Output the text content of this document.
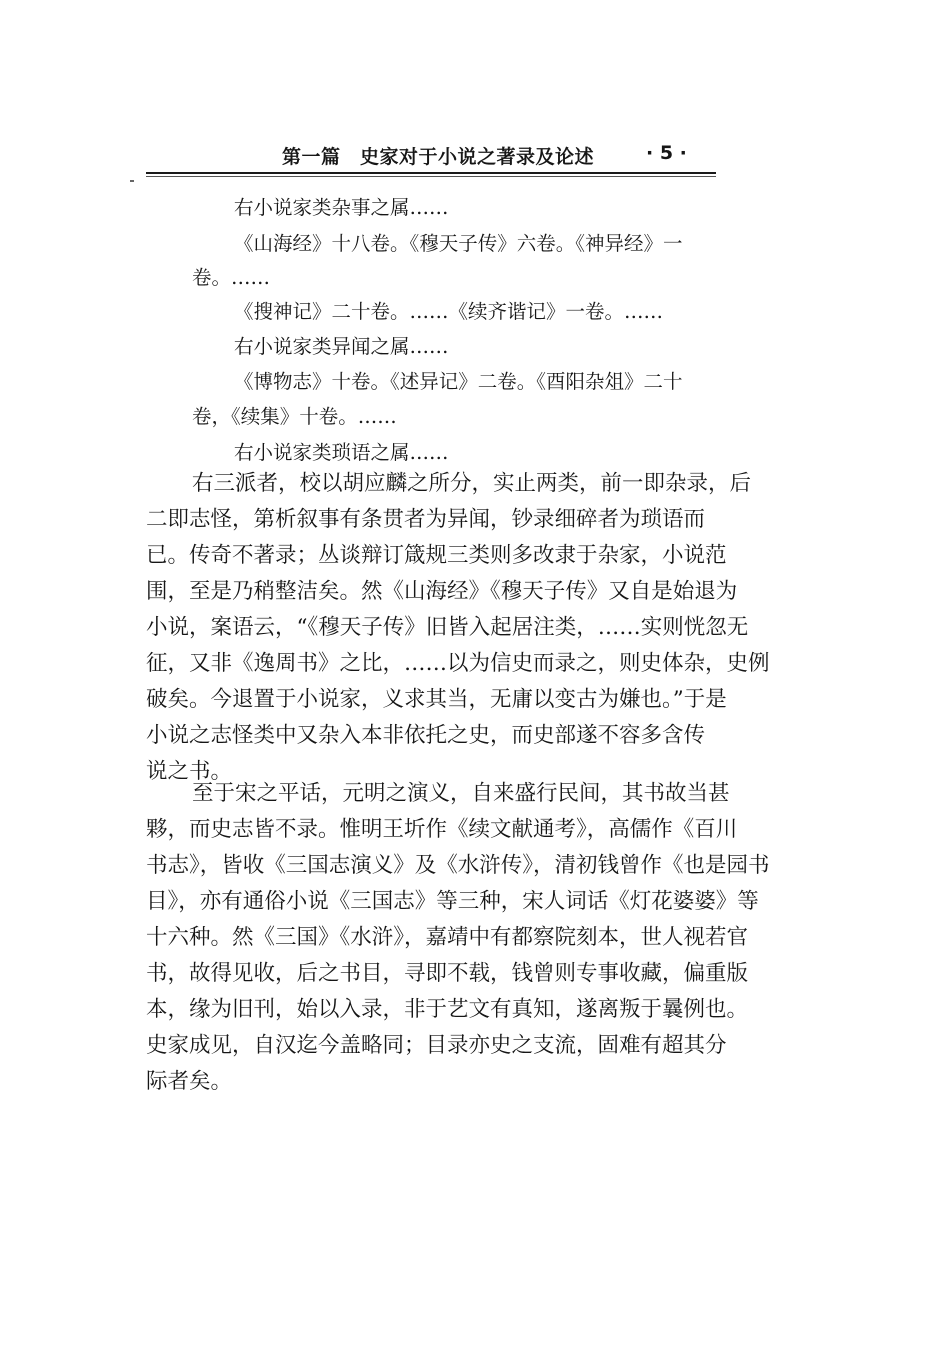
第一篇　史家对于小说之著录及论述	· 5 ·
右小说家类杂事之属……
《山海经》十八卷。《穆天子传》六卷。《神异经》一
卷。……
《搜神记》二十卷。……《续齐谐记》一卷。……
右小说家类异闻之属……
《博物志》十卷。《述异记》二卷。《酉阳杂俎》二十
卷，《续集》十卷。……
右小说家类琐语之属……
右三派者，校以胡应麟之所分，实止两类，前一即杂录，后
二即志怪，第析叙事有条贯者为异闻，钞录细碎者为琐语而
已。传奇不著录；丛谈辩订箴规三类则多改隶于杂家，小说范
围，至是乃稍整洁矣。然《山海经》《穆天子传》又自是始退为
小说，案语云，“《穆天子传》旧皆入起居注类，……实则恍忽无
征，又非《逸周书》之比，……以为信史而录之，则史体杂，史例
破矣。今退置于小说家，义求其当，无庸以变古为嫌也。”于是
小说之志怪类中又杂入本非依托之史，而史部遂不容多含传
说之书。
至于宋之平话，元明之演义，自来盛行民间，其书故当甚
夥，而史志皆不录。惟明王圻作《续文献通考》，高儒作《百川
书志》，皆收《三国志演义》及《水浒传》，清初钱曾作《也是园书
目》，亦有通俗小说《三国志》等三种，宋人词话《灯花婆婆》等
十六种。然《三国》《水浒》，嘉靖中有都察院刻本，世人视若官
书，故得见收，后之书目，寻即不载，钱曾则专事收藏，偏重版
本，缘为旧刊，始以入录，非于艺文有真知，遂离叛于曩例也。
史家成见，自汉迄今盖略同；目录亦史之支流，固难有超其分
际者矣。
